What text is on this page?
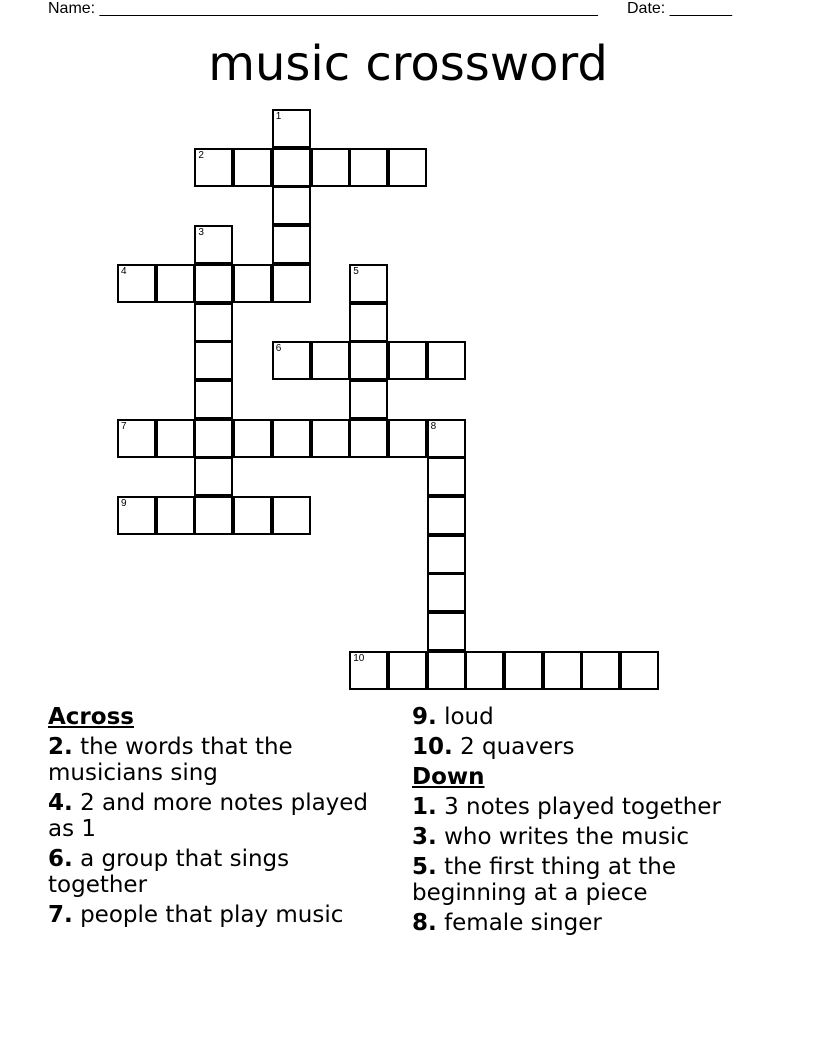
Name: ________________________________________________________ Date: _______
music crossword
1
2
3
4	5
6
7	8
9
10
Across
2. the words that the musicians sing
4. 2 and more notes played as 1
6. a group that sings together
7. people that play music
9. loud
10. 2 quavers
Down
1. 3 notes played together
3. who writes the music
5. the first thing at the beginning at a piece
8. female singer
